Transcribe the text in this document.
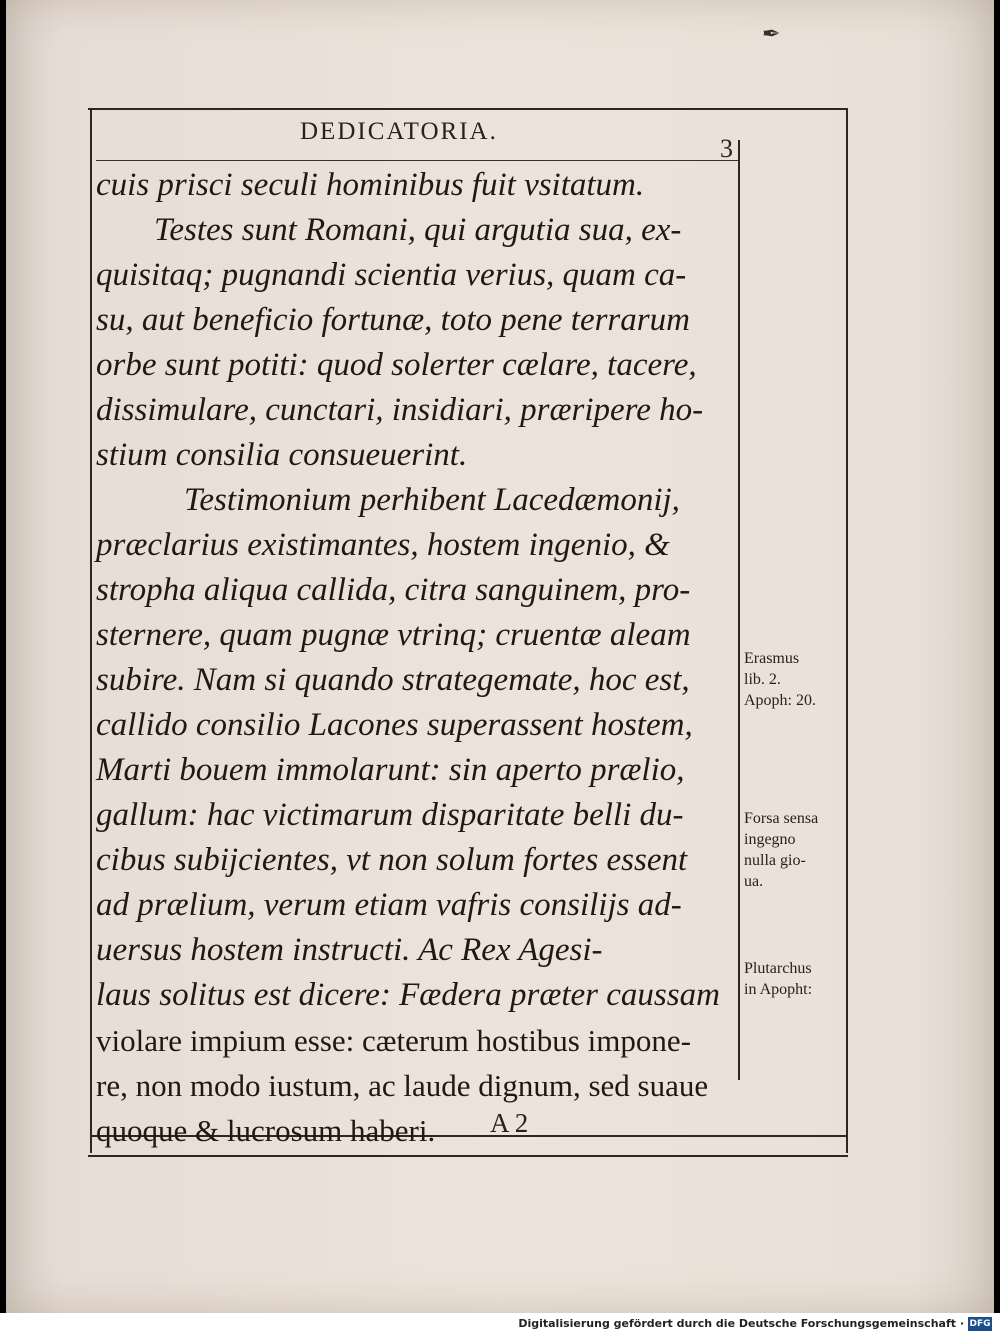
✒
DEDICATORIA.
3
cuis prisci seculi hominibus fuit vsitatum.
Testes sunt Romani, qui argutia sua, ex-
quisitaq; pugnandi scientia verius, quam ca-
su, aut beneficio fortunæ, toto pene terrarum
orbe sunt potiti: quod solerter cælare, tacere,
dissimulare, cunctari, insidiari, præripere ho-
stium consilia consueuerint.
Testimonium perhibent Lacedæmonij,
præclarius existimantes, hostem ingenio, &
stropha aliqua callida, citra sanguinem, pro-
sternere, quam pugnæ vtrinq; cruentæ aleam
subire. Nam si quando strategemate, hoc est,
callido consilio Lacones superassent hostem,
Marti bouem immolarunt: sin aperto prælio,
gallum: hac victimarum disparitate belli du-
cibus subijcientes, vt non solum fortes essent
ad prælium, verum etiam vafris consilijs ad-
uersus hostem instructi. Ac Rex Agesi-
laus solitus est dicere: Fædera præter caussam
violare impium esse: cæterum hostibus impone-
re, non modo iustum, ac laude dignum, sed suaue
quoque & lucrosum haberi.
Erasmus
lib. 2.
Apoph: 20.
Forsa sensa
ingegno
nulla gio-
ua.
Plutarchus
in Apopht:
A 2
Digitalisierung gefördert durch die Deutsche Forschungsgemeinschaft · DFG
